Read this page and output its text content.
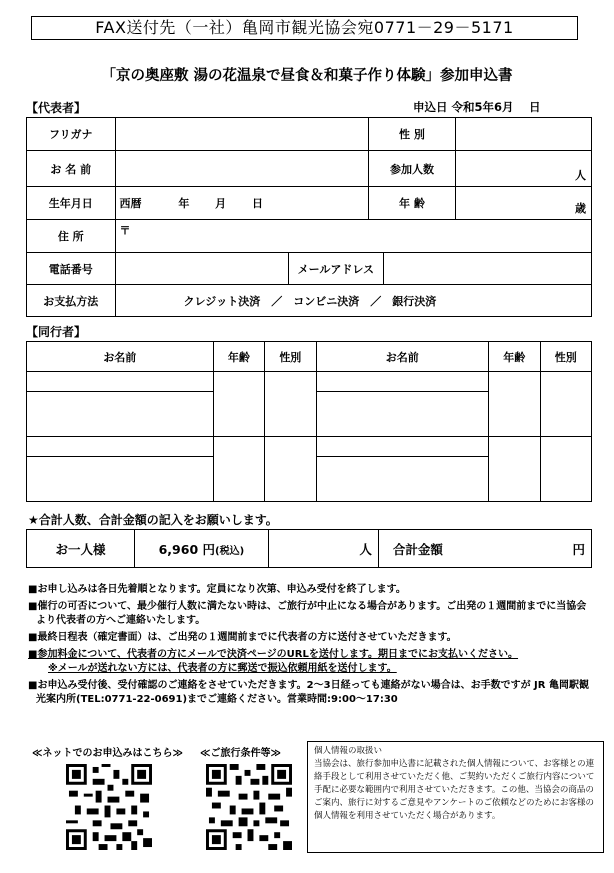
FAX送付先（一社）亀岡市観光協会宛0771－29－5171
「京の奥座敷 湯の花温泉で昼食＆和菓子作り体験」参加申込書
【代表者】	申込日 令和5年6月　 日
フリガナ		性 別	
お 名 前		参加人数	人
生年月日	西暦　　　 年　　 月　　 日	年 齢	歳
住 所	〒		
電話番号		メールアドレス	
お支払方法	クレジット決済　／　コンビニ決済　／　銀行決済		
【同行者】
お名前	年齢	性別	お名前	年齢	性別

★合計人数、合計金額の記入をお願いします。
お一人様	6,960 円(税込)	人	合計金額	円
■お申し込みは各日先着順となります。定員になり次第、申込み受付を終了します。
■催行の可否について、最少催行人数に満たない時は、ご旅行が中止になる場合があります。ご出発の１週間前までに当協会
より代表者の方へご連絡いたします。
■最終日程表（確定書面）は、ご出発の１週間前までに代表者の方に送付させていただきます。
■参加料金について、代表者の方にメールで決済ページのURLを送付します。期日までにお支払いください。
※メールが送れない方には、代表者の方に郵送で振込依頼用紙を送付します。
■お申込み受付後、受付確認のご連絡をさせていただきます。2～3日経っても連絡がない場合は、お手数ですが JR 亀岡駅観
光案内所(TEL:0771-22-0691)までご連絡ください。営業時間:9:00～17:30
≪ネットでのお申込みはこちら≫ ≪ご旅行条件等≫	個人情報の取扱い
当協会は、旅行参加申込書に記載された個人情報について、お客様との連絡手段として利用させていただく他、ご契約いただくご旅行内容について手配に必要な範囲内で利用させていただきます。この他、当協会の商品のご案内、旅行に対するご意見やアンケートのご依頼などのためにお客様の個人情報を利用させていただく場合があります。
